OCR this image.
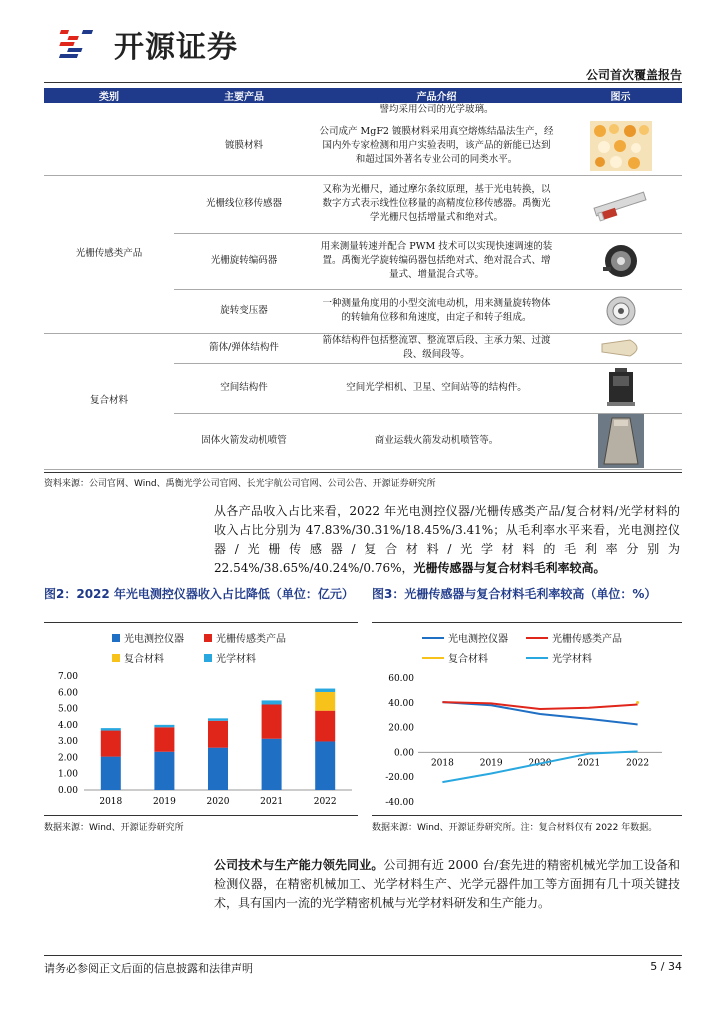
开源证券
公司首次覆盖报告
类别	主要产品	产品介绍	图示
		譬均采用公司的光学玻璃。	
	镀膜材料	公司成产 MgF2 镀膜材料采用真空熔炼结晶法生产，经国内外专家检测和用户实验表明，该产品的新能已达到和超过国外著名专业公司的同类水平。	

光栅传感类产品	光栅线位移传感器	又称为光栅尺，通过摩尔条纹原理，基于光电转换，以数字方式表示线性位移量的高精度位移传感器。禹衡光学光栅尺包括增量式和绝对式。	

	光栅旋转编码器	用来测量转速并配合 PWM 技术可以实现快速调速的装置。禹衡光学旋转编码器包括绝对式、绝对混合式、增量式、增量混合式等。	

	旋转变压器	一种测量角度用的小型交流电动机，用来测量旋转物体的转轴角位移和角速度，由定子和转子组成。	

复合材料	箭体/弹体结构件	箭体结构件包括整流罩、整流罩后段、主承力架、过渡段、级间段等。	

	空间结构件	空间光学相机、卫星、空间站等的结构件。	

	固体火箭发动机喷管	商业运载火箭发动机喷管等。	
资料来源：公司官网、Wind、禹衡光学公司官网、长光宇航公司官网、公司公告、开源证券研究所
从各产品收入占比来看，2022 年光电测控仪器/光栅传感类产品/复合材料/光学材料的收入占比分别为 47.83%/30.31%/18.45%/3.41%；从毛利率水平来看，光电测控仪器/光栅传感器/复合材料/光学材料的毛利率分别为 22.54%/38.65%/40.24%/0.76%，光栅传感器与复合材料毛利率较高。
图2：2022 年光电测控仪器收入占比降低（单位：亿元）	图3：光栅传感器与复合材料毛利率较高（单位：%）
光电测控仪器	光栅传感类产品
复合材料	光学材料
光电测控仪器	光栅传感类产品
复合材料	光学材料
0.00
1.00
2.00
3.00
4.00
5.00
6.00
7.00
2018	2019	2020	2021	2022	-40.00
-20.00
0.00
20.00
40.00
60.00
2018	2019	2020	2021	2022
数据来源：Wind、开源证券研究所	数据来源：Wind、开源证券研究所。注：复合材料仅有 2022 年数据。
公司技术与生产能力领先同业。公司拥有近 2000 台/套先进的精密机械光学加工设备和检测仪器，在精密机械加工、光学材料生产、光学元器件加工等方面拥有几十项关键技术，具有国内一流的光学精密机械与光学材料研发和生产能力。
请务必参阅正文后面的信息披露和法律声明	5 / 34
